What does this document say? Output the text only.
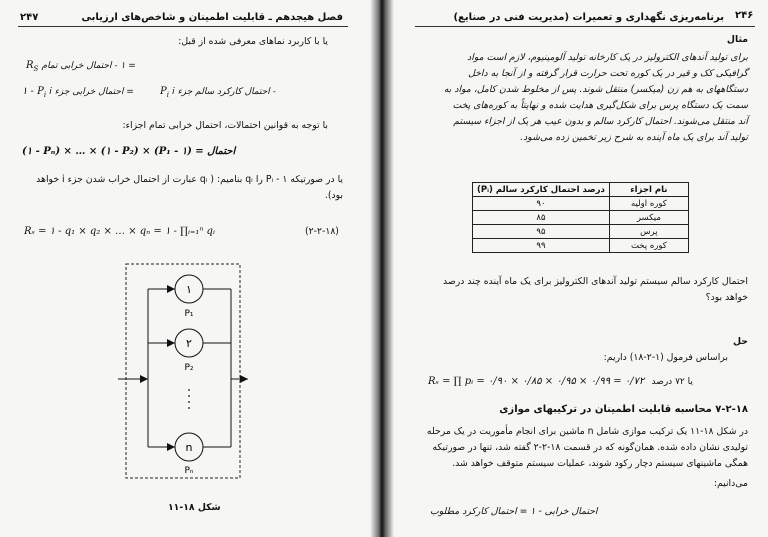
۲۴۷	فصل هیجدهم ـ قابلیت اطمینان و شاخص‌های ارزیابی
یا با کاربرد نماهای معرفی شده از قبل:
$R_S$ = ۱ - احتمال خرابی تمام
۱ - $P_i$ = احتمال خرابی جزء i	$P_i$ - احتمال کارکرد سالم جزء i
با توجه به قوانین احتمالات، احتمال خرابی تمام اجزاء:
احتمال = (۱ - P₁) × (۱ - P₂) × … × (۱ - Pₙ)
یا در صورتیکه P‎ᵢ - ۱ را q‎ᵢ بنامیم: ( q‎ᵢ عبارت از احتمال خراب شدن جزء i خواهد
بود).
Rₛ = ۱ - q₁ × q₂ × … × qₙ = ۱ - ∏ᵢ₌₁ⁿ qᵢ	(۲-۲-۱۸)
۱
P₁
۲
P₂
n
Pₙ
شکل ۱۸-۱۱
۲۴۶
برنامه‌ریزی نگهداری و تعمیرات (مدیریت فنی در صنایع)
مثال
برای تولید آندهای الکترولیز در یک کارخانه تولید آلومینیوم، لازم است مواد
گرافیکی کک و قیر در یک کوره تحت حرارت قرار گرفته و از آنجا به داخل
دستگاههای به هم زن (میکسر) منتقل شوند. پس از مخلوط شدن کامل، مواد به
سمت یک دستگاه پرس برای شکل‌گیری هدایت شده و نهایتاً به کوره‌های پخت
آند منتقل می‌شوند. احتمال کارکرد سالم و بدون عیب هر یک از اجزاء سیستم
تولید آند برای یک ماه آینده به شرح زیر تخمین زده می‌شود.
نام اجزاء	درصد احتمال کارکرد سالم (Pᵢ)
کوره اولیه	۹۰
میکسر	۸۵
پرس	۹۵
کوره پخت	۹۹
احتمال کارکرد سالم سیستم تولید آندهای الکترولیز برای یک ماه آینده چند درصد
خواهد بود؟
حل
براساس فرمول (۱-۲-۱۸) داریم:
Rₛ = ∏ pᵢ = ۰/۹۰ × ۰/۸۵ × ۰/۹۵ × ۰/۹۹ = ۰/۷۲ یا ۷۲ درصد
۷-۲-۱۸ محاسبه قابلیت اطمینان در ترکیبهای موازی
در شکل ۱۸-۱۱ یک ترکیب موازی شامل n ماشین برای انجام مأموریت در یک مرحله
تولیدی نشان داده شده. همان‌گونه که در قسمت ۱۸-۲-۲ گفته شد، تنها در صورتیکه
همگی ماشینهای سیستم دچار رکود شوند، عملیات سیستم متوقف خواهد شد.
می‌دانیم:
احتمال خرابی - ۱ = احتمال کارکرد مطلوب
